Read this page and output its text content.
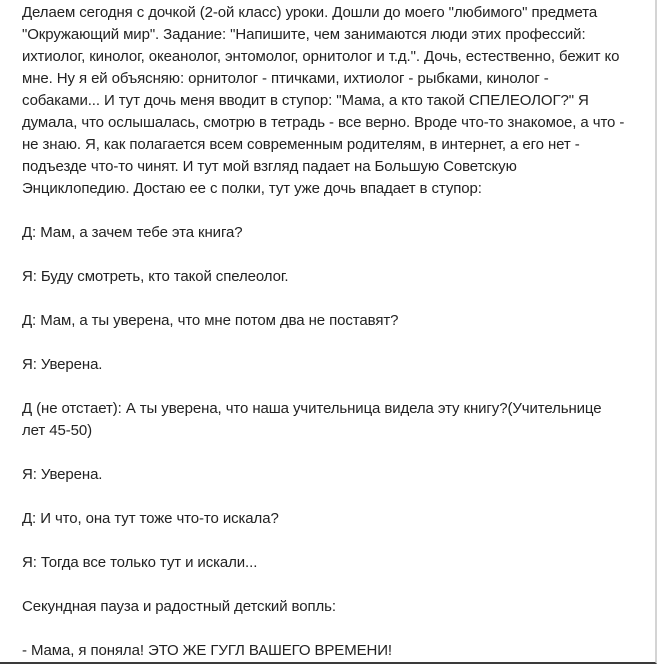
Делаем сегодня с дочкой (2-ой класс) уроки. Дошли до моего "любимого" предмета "Окружающий мир". Задание: "Напишите, чем занимаются люди этих профессий: ихтиолог, кинолог, океанолог, энтомолог, орнитолог и т.д.". Дочь, естественно, бежит ко мне. Ну я ей объясняю: орнитолог - птичками, ихтиолог - рыбками, кинолог - собаками... И тут дочь меня вводит в ступор: "Мама, а кто такой СПЕЛЕОЛОГ?" Я думала, что ослышалась, смотрю в тетрадь - все верно. Вроде что-то знакомое, а что - не знаю. Я, как полагается всем современным родителям, в интернет, а его нет - подъезде что-то чинят. И тут мой взгляд падает на Большую Советскую Энциклопедию. Достаю ее с полки, тут уже дочь впадает в ступор:

Д: Мам, а зачем тебе эта книга?

Я: Буду смотреть, кто такой спелеолог.

Д: Мам, а ты уверена, что мне потом два не поставят?

Я: Уверена.

Д (не отстает): А ты уверена, что наша учительница видела эту книгу?(Учительнице лет 45-50)

Я: Уверена.

Д: И что, она тут тоже что-то искала?

Я: Тогда все только тут и искали...

Секундная пауза и радостный детский вопль:

- Мама, я поняла! ЭТО ЖЕ ГУГЛ ВАШЕГО ВРЕМЕНИ!
